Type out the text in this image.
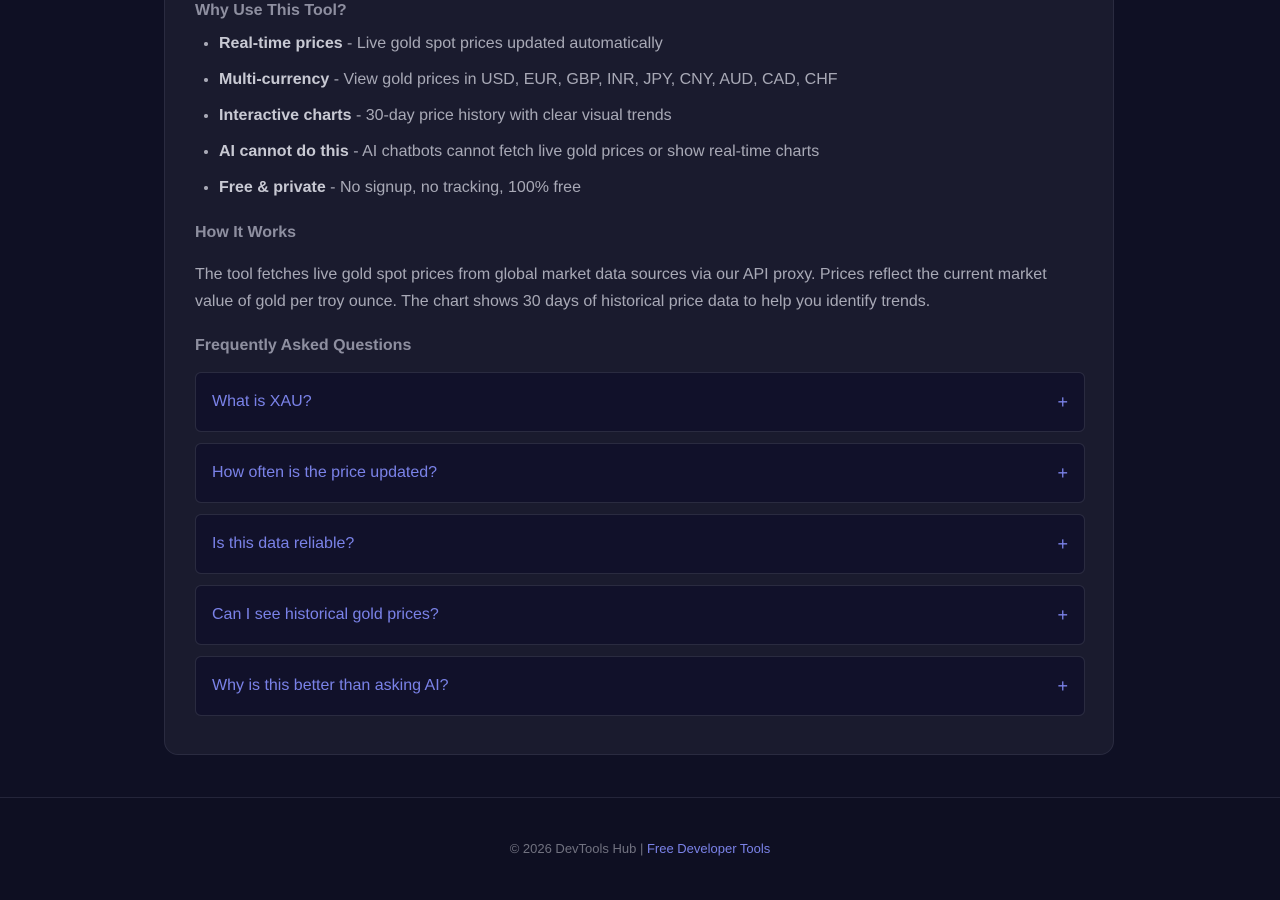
Why Use This Tool?
• Real-time prices - Live gold spot prices updated automatically
• Multi-currency - View gold prices in USD, EUR, GBP, INR, JPY, CNY, AUD, CAD, CHF
• Interactive charts - 30-day price history with clear visual trends
• AI cannot do this - AI chatbots cannot fetch live gold prices or show real-time charts
• Free & private - No signup, no tracking, 100% free
How It Works

The tool fetches live gold spot prices from global market data sources via our API proxy. Prices reflect the current market value of gold per troy ounce. The chart shows 30 days of historical price data to help you identify trends.

Frequently Asked Questions
What is XAU?	+
How often is the price updated?	+
Is this data reliable?	+
Can I see historical gold prices?	+
Why is this better than asking AI?	+
© 2026 DevTools Hub | Free Developer Tools
